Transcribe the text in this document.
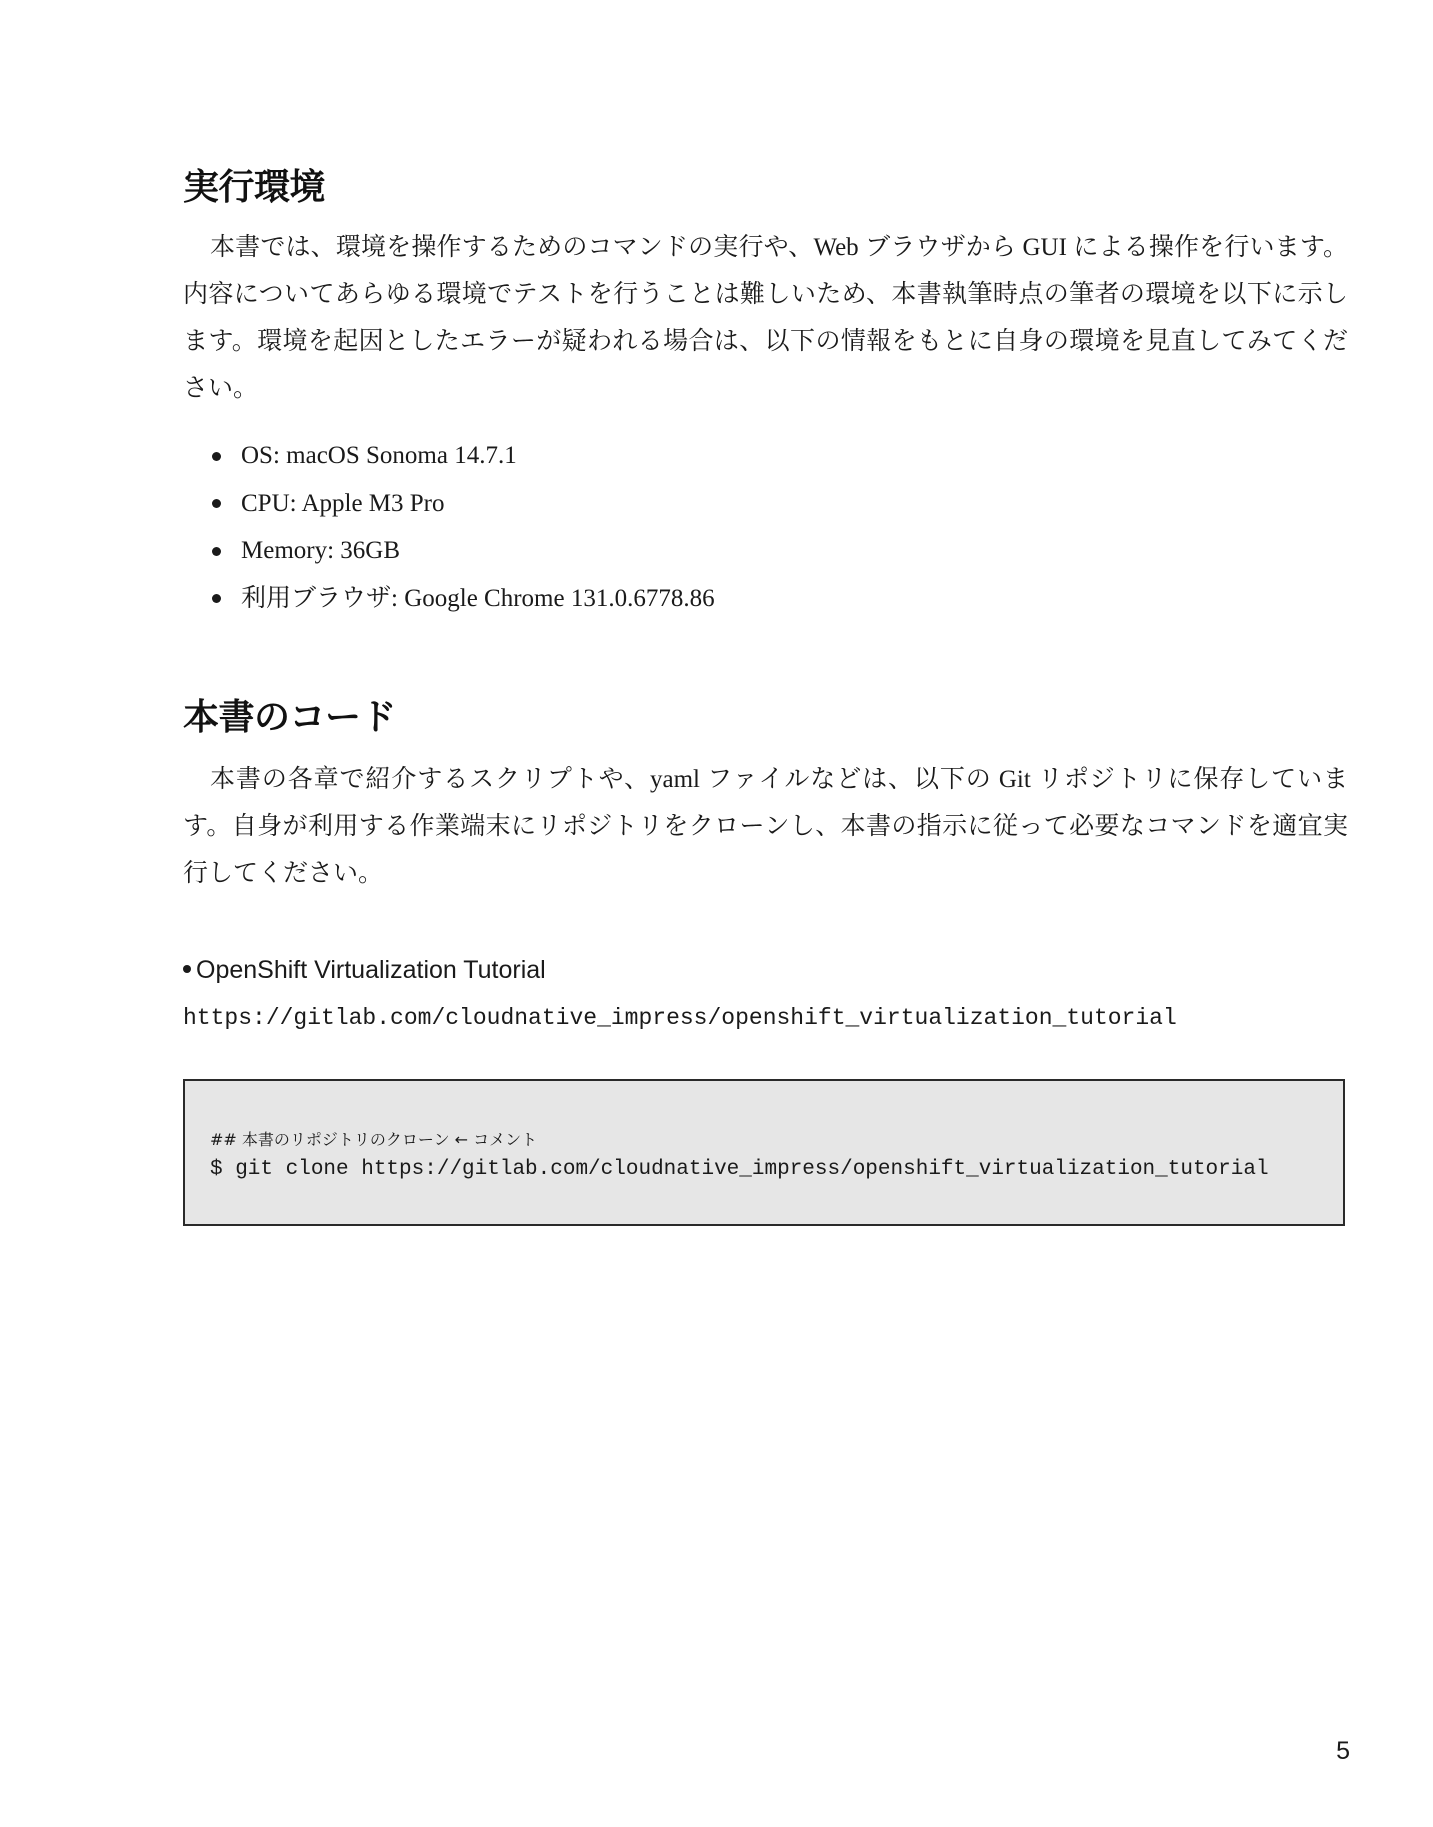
実行環境

本書では、環境を操作するためのコマンドの実行や、Web ブラウザから GUI による操作を行います。内容についてあらゆる環境でテストを行うことは難しいため、本書執筆時点の筆者の環境を以下に示します。環境を起因としたエラーが疑われる場合は、以下の情報をもとに自身の環境を見直してみてください。

OS: macOS Sonoma 14.7.1
CPU: Apple M3 Pro
Memory: 36GB
利用ブラウザ: Google Chrome 131.0.6778.86
本書のコード

本書の各章で紹介するスクリプトや、yaml ファイルなどは、以下の Git リポジトリに保存しています。自身が利用する作業端末にリポジトリをクローンし、本書の指示に従って必要なコマンドを適宜実行してください。

OpenShift Virtualization Tutorial
https://gitlab.com/cloudnative_impress/openshift_virtualization_tutorial
## 本書のリポジトリのクローン ← コメント
$ git clone https://gitlab.com/cloudnative_impress/openshift_virtualization_tutorial
5
